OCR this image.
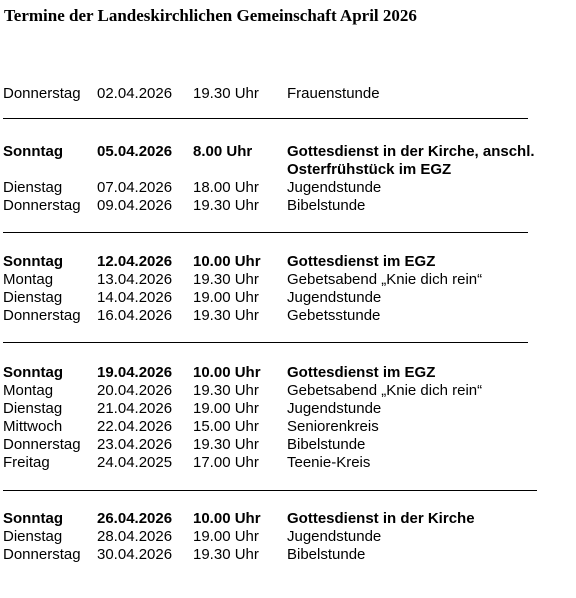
Termine der Landeskirchlichen Gemeinschaft April 2026
Donnerstag 02.04.2026 19.30 Uhr Frauenstunde
Sonntag 05.04.2026 8.00 Uhr Gottesdienst in der Kirche, anschl.
Osterfrühstück im EGZ
Dienstag 07.04.2026 18.00 Uhr Jugendstunde
Donnerstag 09.04.2026 19.30 Uhr Bibelstunde
Sonntag 12.04.2026 10.00 Uhr Gottesdienst im EGZ
Montag	13.04.2026 19.30 Uhr Gebetsabend „Knie dich rein“
Dienstag 14.04.2026 19.00 Uhr Jugendstunde
Donnerstag 16.04.2026 19.30 Uhr Gebetsstunde
Sonntag 19.04.2026 10.00 Uhr Gottesdienst im EGZ
Montag	20.04.2026 19.30 Uhr Gebetsabend „Knie dich rein“
Dienstag 21.04.2026 19.00 Uhr Jugendstunde
Mittwoch 22.04.2026 15.00 Uhr Seniorenkreis
Donnerstag 23.04.2026 19.30 Uhr Bibelstunde
Freitag	24.04.2025 17.00 Uhr Teenie-Kreis
Sonntag 26.04.2026 10.00 Uhr Gottesdienst in der Kirche
Dienstag 28.04.2026 19.00 Uhr Jugendstunde
Donnerstag 30.04.2026 19.30 Uhr Bibelstunde
